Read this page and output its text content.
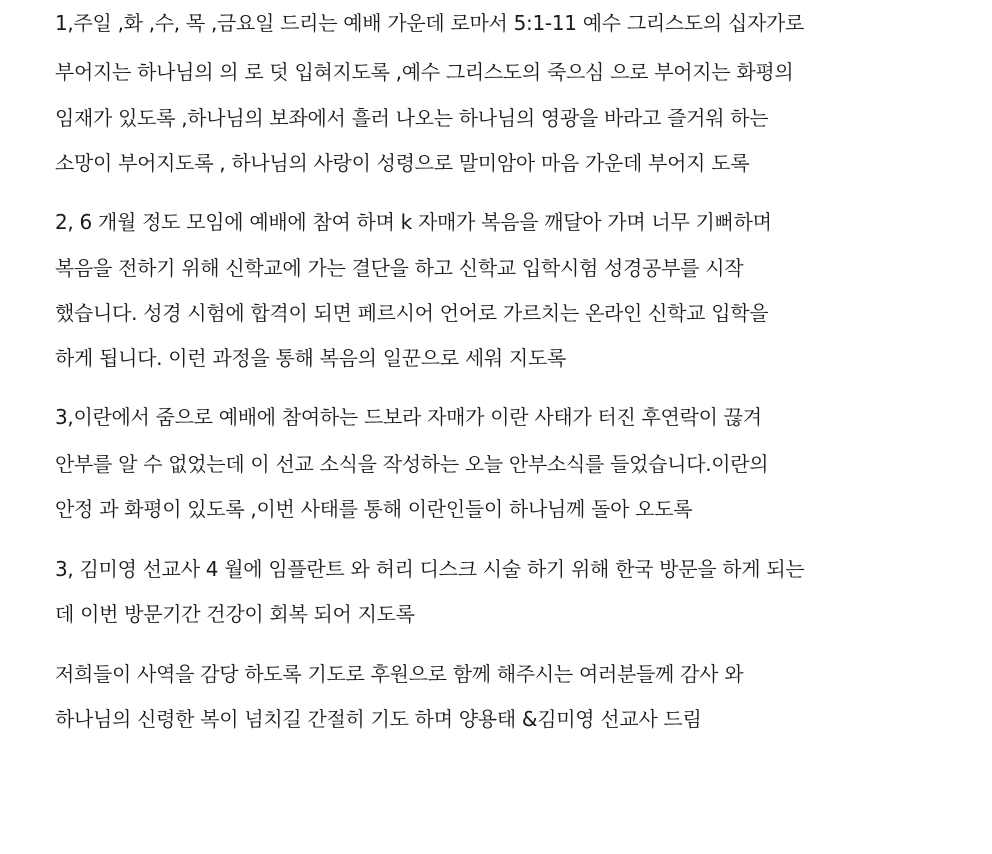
1,주일 ,화 ,수, 목 ,금요일 드리는 예배 가운데 로마서 5:1-11 예수 그리스도의 십자가로
부어지는 하나님의 의 로 덧 입혀지도록 ,예수 그리스도의 죽으심 으로 부어지는 화평의
임재가 있도록 ,하나님의 보좌에서 흘러 나오는 하나님의 영광을 바라고 즐거워 하는
소망이 부어지도록 , 하나님의 사랑이 성령으로 말미암아 마음 가운데 부어지 도록
2, 6 개월 정도 모임에 예배에 참여 하며 k 자매가 복음을 깨달아 가며 너무 기뻐하며
복음을 전하기 위해 신학교에 가는 결단을 하고 신학교 입학시험 성경공부를 시작
했습니다. 성경 시험에 합격이 되면 페르시어 언어로 가르치는 온라인 신학교 입학을
하게 됩니다. 이런 과정을 통해 복음의 일꾼으로 세워 지도록
3,이란에서 줌으로 예배에 참여하는 드보라 자매가 이란 사태가 터진 후연락이 끊겨
안부를 알 수 없었는데 이 선교 소식을 작성하는 오늘 안부소식를 들었습니다.이란의
안정 과 화평이 있도록 ,이번 사태를 통해 이란인들이 하나님께 돌아 오도록
3, 김미영 선교사 4 월에 임플란트 와 허리 디스크 시술 하기 위해 한국 방문을 하게 되는
데 이번 방문기간 건강이 회복 되어 지도록
저희들이 사역을 감당 하도록 기도로 후원으로 함께 해주시는 여러분들께 감사 와
하나님의 신령한 복이 넘치길 간절히 기도 하며 양용태 &김미영 선교사 드림
